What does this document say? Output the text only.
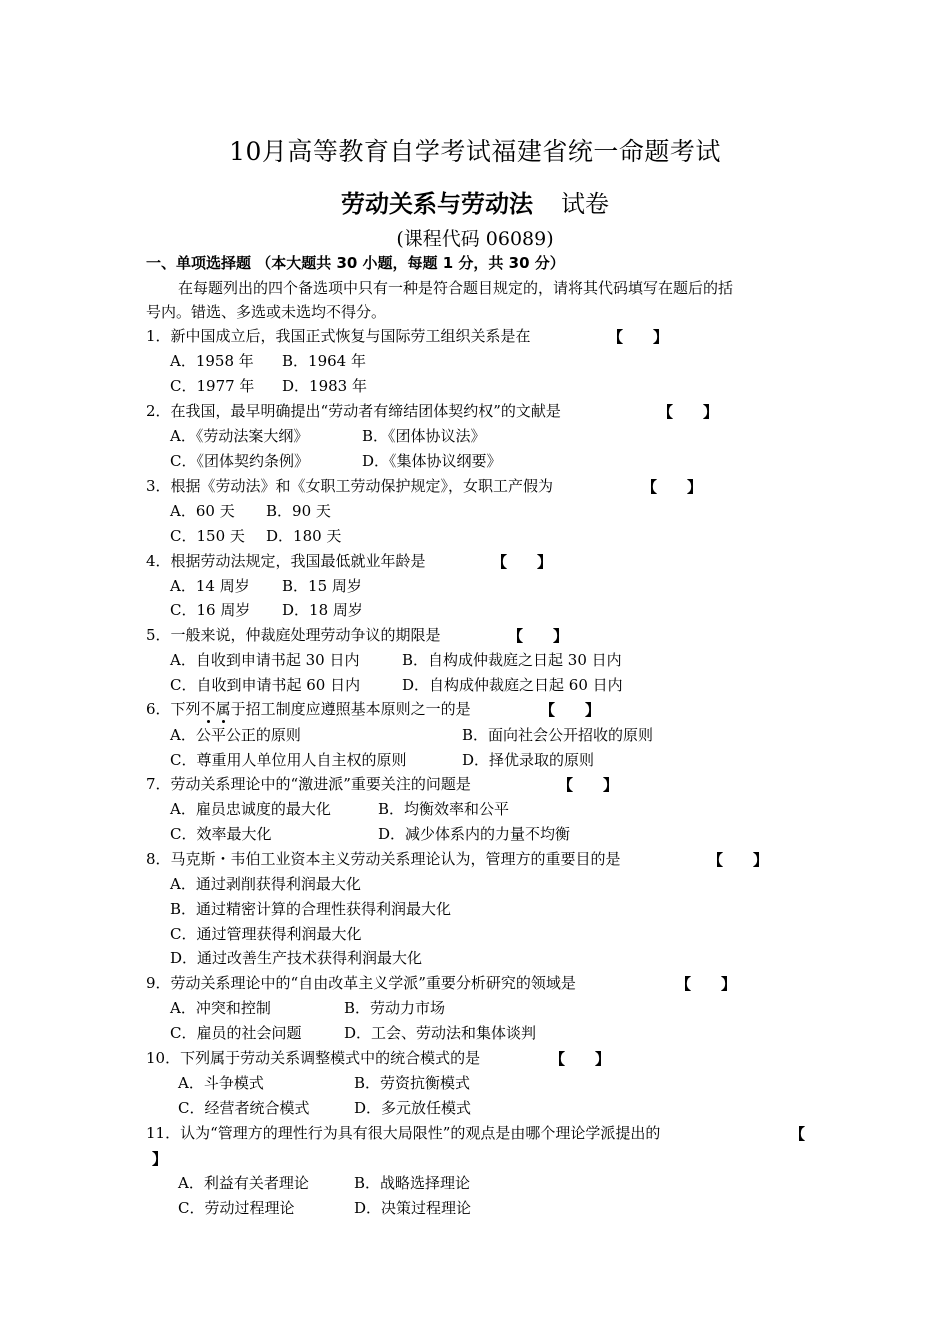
10月高等教育自学考试福建省统一命题考试
劳动关系与劳动法 试卷
(课程代码 06089)
一、单项选择题 （本大题共 30 小题，每题 1 分，共 30 分）
在每题列出的四个备选项中只有一种是符合题目规定的，请将其代码填写在题后的括
号内。错选、多选或未选均不得分。
1．新中国成立后，我国正式恢复与国际劳工组织关系是在	【　　】
A．1958 年 B．1964 年
C．1977 年 D．1983 年
2．在我国，最早明确提出“劳动者有缔结团体契约权”的文献是	【　　】
A．《劳动法案大纲》	B．《团体协议法》
C．《团体契约条例》	D．《集体协议纲要》
3．根据《劳动法》和《女职工劳动保护规定》，女职工产假为	【　　】
A．60 天 B．90 天
C．150 天 D．180 天
4．根据劳动法规定，我国最低就业年龄是	【　　】
A．14 周岁 B．15 周岁
C．16 周岁 D．18 周岁
5．一般来说，仲裁庭处理劳动争议的期限是	【　　】
A．自收到申请书起 30 日内	B．自构成仲裁庭之日起 30 日内
C．自收到申请书起 60 日内	D．自构成仲裁庭之日起 60 日内
6．下列不
属
于招工制度应遵照基本原则之一的是	【　　】
A．公平公正的原则	B．面向社会公开招收的原则
C．尊重用人单位用人自主权的原则	D．择优录取的原则
7．劳动关系理论中的“激进派”重要关注的问题是	【　　】
A．雇员忠诚度的最大化	B．均衡效率和公平
C．效率最大化	D．减少体系内的力量不均衡
8．马克斯・韦伯工业资本主义劳动关系理论认为，管理方的重要目的是	【　　】
A．通过剥削获得利润最大化
B．通过精密计算的合理性获得利润最大化
C．通过管理获得利润最大化
D．通过改善生产技术获得利润最大化
9．劳动关系理论中的“自由改革主义学派”重要分析研究的领域是	【　　】
A．冲突和控制	B．劳动力市场
C．雇员的社会问题	D．工会、劳动法和集体谈判
10．下列属于劳动关系调整模式中的统合模式的是	【　　】
A．斗争模式	B．劳资抗衡模式
C．经营者统合模式	D．多元放任模式
11．认为“管理方的理性行为具有很大局限性”的观点是由哪个理论学派提出的	【
】
A．利益有关者理论	B．战略选择理论
C．劳动过程理论	D．决策过程理论
